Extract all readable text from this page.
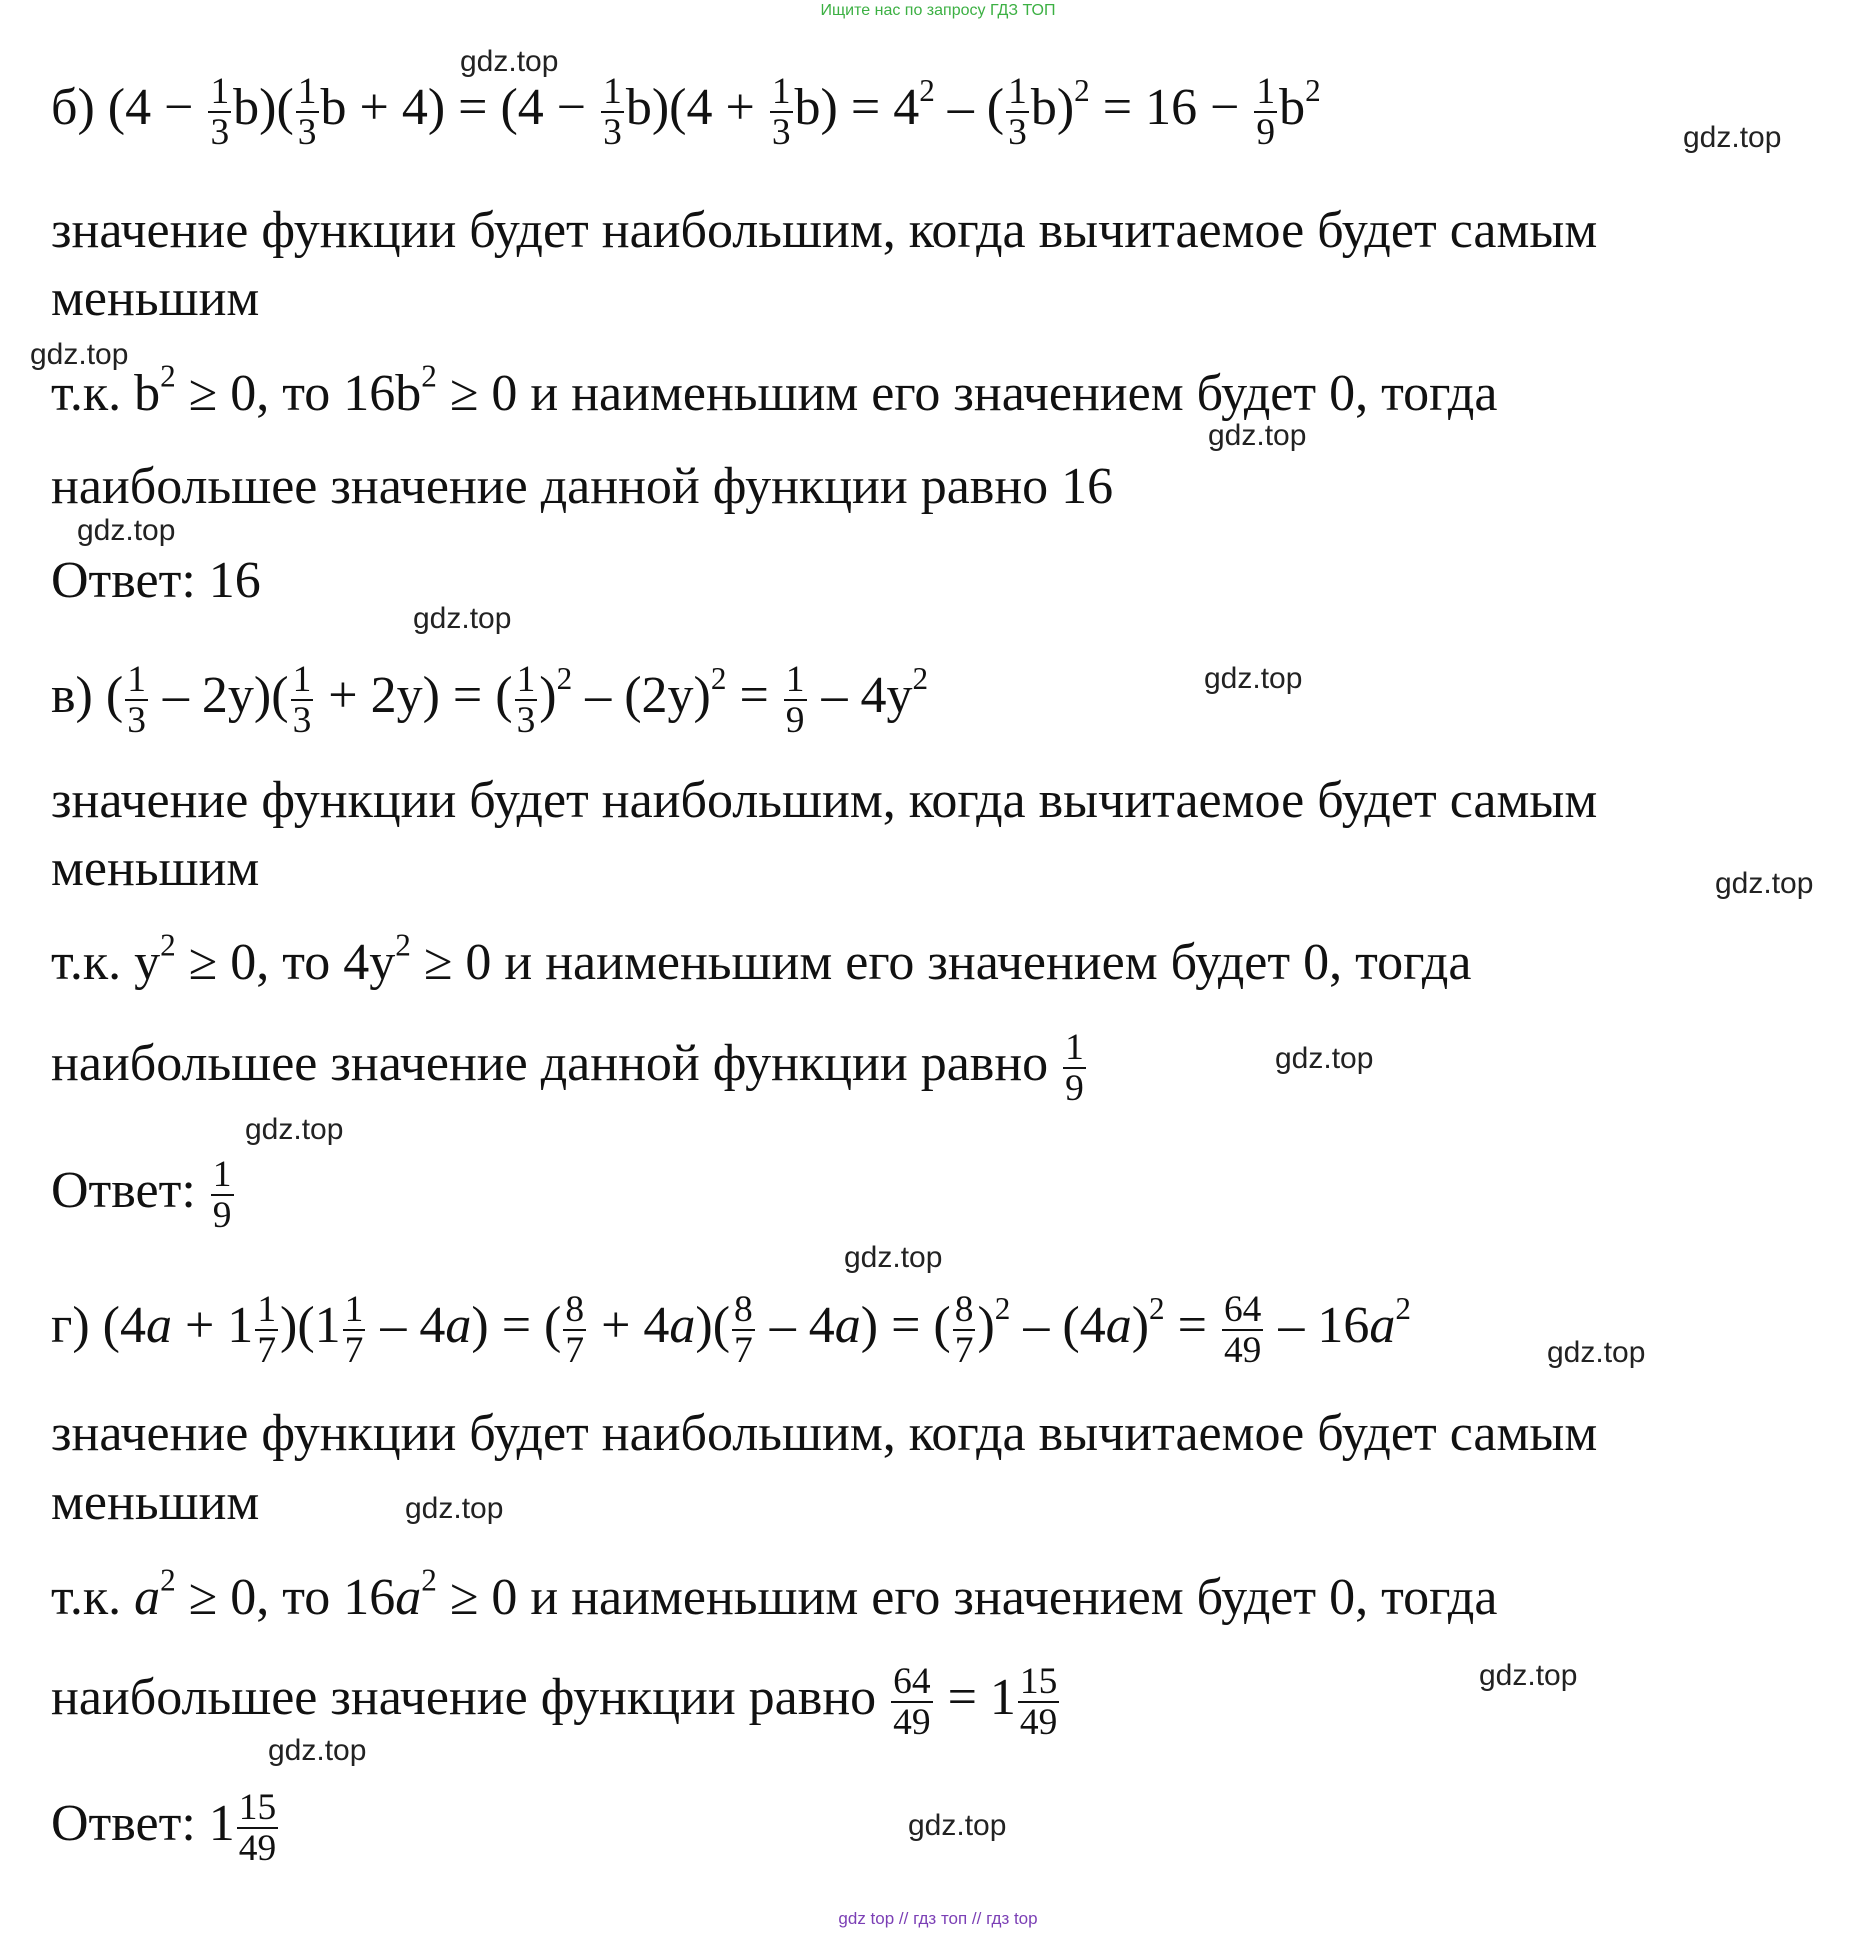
Ищите нас по запросу ГДЗ ТОП
б) $(4 - \frac{1}{3} b)( \frac{1}{3}$ $b + 4) = (4 - \frac{1}{3} b)(4 + \frac{1}{3} b) = 4^2$ – ( $\frac{1}{3} b)^2 = 16 - \frac{1}{9} b^2$
значение функции будет наибольшим, когда вычитаемое будет самым
меньшим
т.к. $b^2 \ge 0$, то $16b^2 \ge 0$ и наименьшим его значением будет 0, тогда
наибольшее значение данной функции равно 16
Ответ: 16
в) ( $\frac{1}{3} - 2y)( \frac{1}{3} + 2y)$ = ( $\frac{1}{3} )^2 - (2y)^2 = \frac{1}{9} - 4y^2$
значение функции будет наибольшим, когда вычитаемое будет самым
меньшим
т.к. $y^2 \ge 0$, то $4y^2 \ge 0$ и наименьшим его значением будет 0, тогда
наибольшее значение данной функции равно $\frac{1}{9}$
Ответ: $\frac{1}{9}$
г) $(4a + 1 \frac{1}{7} )(1 \frac{1}{7} - 4a)$ = ( $\frac{8}{7} + 4a)( \frac{8}{7} - 4a)$ = ( $\frac{8}{7} )^2 - (4a)^2 = \frac{64}{49} - 16a^2$
значение функции будет наибольшим, когда вычитаемое будет самым
меньшим
т.к. $a^2 \ge 0$, то $16a^2 \ge 0$ и наименьшим его значением будет 0, тогда
наибольшее значение функции равно $\frac{64}{49} = 1 \frac{15}{49}$
Ответ: $1 \frac{15}{49}$
gdz.top
gdz.top
gdz.top
gdz.top
gdz.top
gdz.top
gdz.top
gdz.top
gdz.top
gdz.top
gdz.top
gdz.top
gdz.top
gdz.top
gdz.top
gdz.top
gdz top // гдз топ // гдз top
